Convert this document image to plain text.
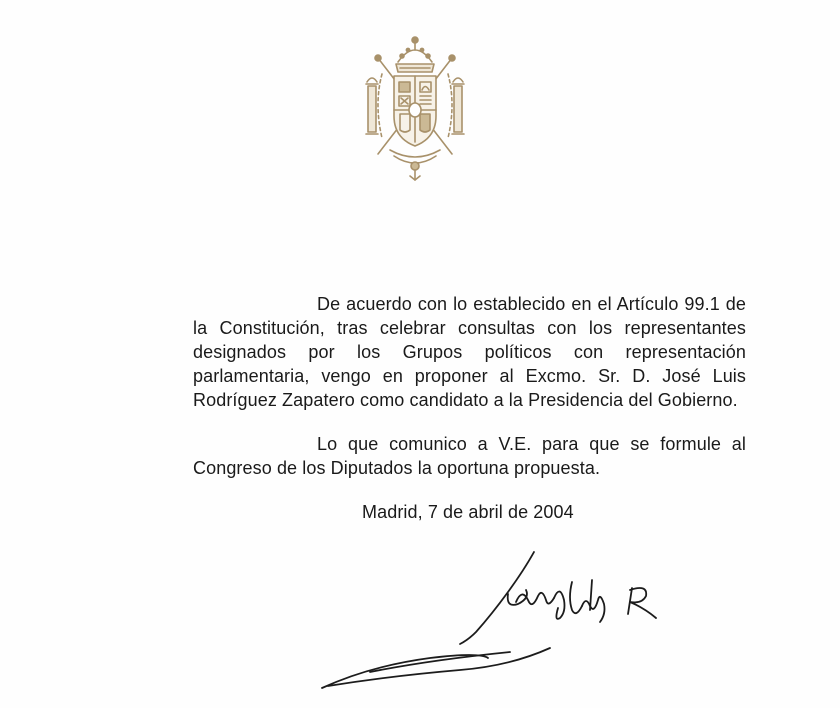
De acuerdo con lo establecido en el Artículo 99.1 de la Constitución, tras celebrar consultas con los representantes designados por los Grupos políticos con representación parlamentaria, vengo en proponer al Excmo. Sr. D. José Luis Rodríguez Zapatero como candidato a la Presidencia del Gobierno.

Lo que comunico a V.E. para que se formule al Congreso de los Diputados la oportuna propuesta.

Madrid, 7 de abril de 2004
